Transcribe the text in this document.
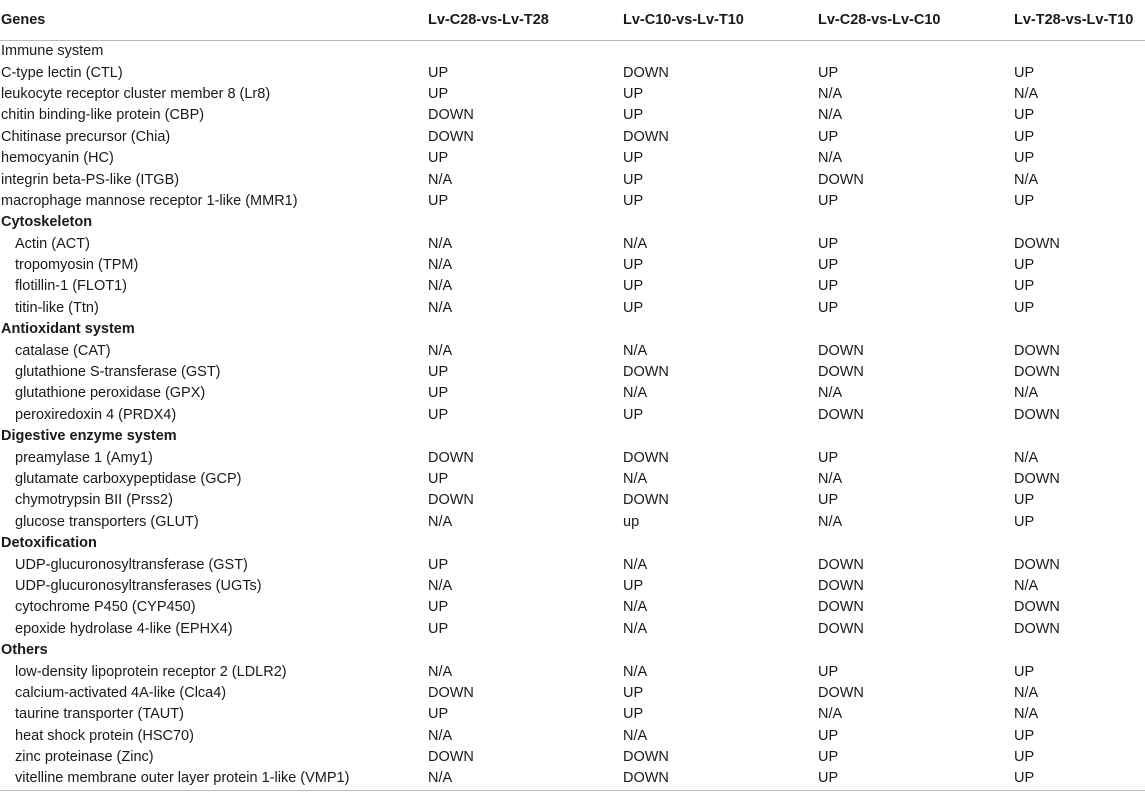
Genes	Lv-C28-vs-Lv-T28	Lv-C10-vs-Lv-T10	Lv-C28-vs-Lv-C10	Lv-T28-vs-Lv-T10
Immune system				
C-type lectin (CTL)	UP	DOWN	UP	UP
leukocyte receptor cluster member 8 (Lr8)	UP	UP	N/A	N/A
chitin binding-like protein (CBP)	DOWN	UP	N/A	UP
Chitinase precursor (Chia)	DOWN	DOWN	UP	UP
hemocyanin (HC)	UP	UP	N/A	UP
integrin beta-PS-like (ITGB)	N/A	UP	DOWN	N/A
macrophage mannose receptor 1-like (MMR1)	UP	UP	UP	UP
Cytoskeleton				
Actin (ACT)	N/A	N/A	UP	DOWN
tropomyosin (TPM)	N/A	UP	UP	UP
flotillin-1 (FLOT1)	N/A	UP	UP	UP
titin-like (Ttn)	N/A	UP	UP	UP
Antioxidant system				
catalase (CAT)	N/A	N/A	DOWN	DOWN
glutathione S-transferase (GST)	UP	DOWN	DOWN	DOWN
glutathione peroxidase (GPX)	UP	N/A	N/A	N/A
peroxiredoxin 4 (PRDX4)	UP	UP	DOWN	DOWN
Digestive enzyme system				
preamylase 1 (Amy1)	DOWN	DOWN	UP	N/A
glutamate carboxypeptidase (GCP)	UP	N/A	N/A	DOWN
chymotrypsin BII (Prss2)	DOWN	DOWN	UP	UP
glucose transporters (GLUT)	N/A	up	N/A	UP
Detoxification				
UDP-glucuronosyltransferase (GST)	UP	N/A	DOWN	DOWN
UDP-glucuronosyltransferases (UGTs)	N/A	UP	DOWN	N/A
cytochrome P450 (CYP450)	UP	N/A	DOWN	DOWN
epoxide hydrolase 4-like (EPHX4)	UP	N/A	DOWN	DOWN
Others				
low-density lipoprotein receptor 2 (LDLR2)	N/A	N/A	UP	UP
calcium-activated 4A-like (Clca4)	DOWN	UP	DOWN	N/A
taurine transporter (TAUT)	UP	UP	N/A	N/A
heat shock protein (HSC70)	N/A	N/A	UP	UP
zinc proteinase (Zinc)	DOWN	DOWN	UP	UP
vitelline membrane outer layer protein 1-like (VMP1)	N/A	DOWN	UP	UP
